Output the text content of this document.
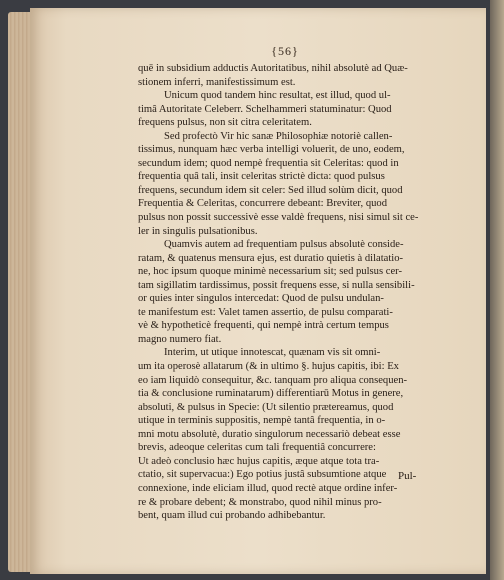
{56}
quē in subsidium adductis Autoritatibus, nihil absolutè ad Quæ-
stionem inferri, manifestissimum est.
Unicum quod tandem hinc resultat, est illud, quod ul-
timâ Autoritate Celeberr. Schelhammeri statuminatur: Quod
frequens pulsus, non sit citra celeritatem.
Sed profectò Vir hic sanæ Philosophiæ notoriè callen-
tissimus, nunquam hæc verba intelligi voluerit, de uno, eodem,
secundum idem; quod nempè frequentia sit Celeritas: quod in
frequentia quâ tali, insit celeritas strictè dicta: quod pulsus
frequens, secundum idem sit celer: Sed illud solùm dicit, quod
Frequentia & Celeritas, concurrere debeant: Breviter, quod
pulsus non possit successivè esse valdè frequens, nisi simul sit ce-
ler in singulis pulsationibus.
Quamvis autem ad frequentiam pulsus absolutè conside-
ratam, & quatenus mensura ejus, est duratio quietis à dilatatio-
ne, hoc ipsum quoque minimè necessarium sit; sed pulsus cer-
tam sigillatim tardissimus, possit frequens esse, si nulla sensibili-
or quies inter singulos intercedat: Quod de pulsu undulan-
te manifestum est: Valet tamen assertio, de pulsu comparati-
vè & hypotheticè frequenti, qui nempè intrà certum tempus
magno numero fiat.
Interim, ut utique innotescat, quænam vis sit omni-
um ita operosè allatarum (& in ultimo §. hujus capitis, ibi: Ex
eo iam liquidò consequitur, &c. tanquam pro aliqua consequen-
tia & conclusione ruminatarum) differentiarū Motus in genere,
absoluti, & pulsus in Specie: (Ut silentio prætereamus, quod
utique in terminis suppositis, nempè tantâ frequentia, in o-
mni motu absolutè, duratio singulorum necessariò debeat esse
brevis, adeoque celeritas cum tali frequentiâ concurrere:
Ut adeò conclusio hæc hujus capitis, æque atque tota tra-
ctatio, sit supervacua:) Ego potius justâ subsumtione atque
connexione, inde eliciam illud, quod rectè atque ordine infer-
re & probare debent; & monstrabo, quod nihil minus pro-
bent, quam illud cui probando adhibebantur.
Pul-
